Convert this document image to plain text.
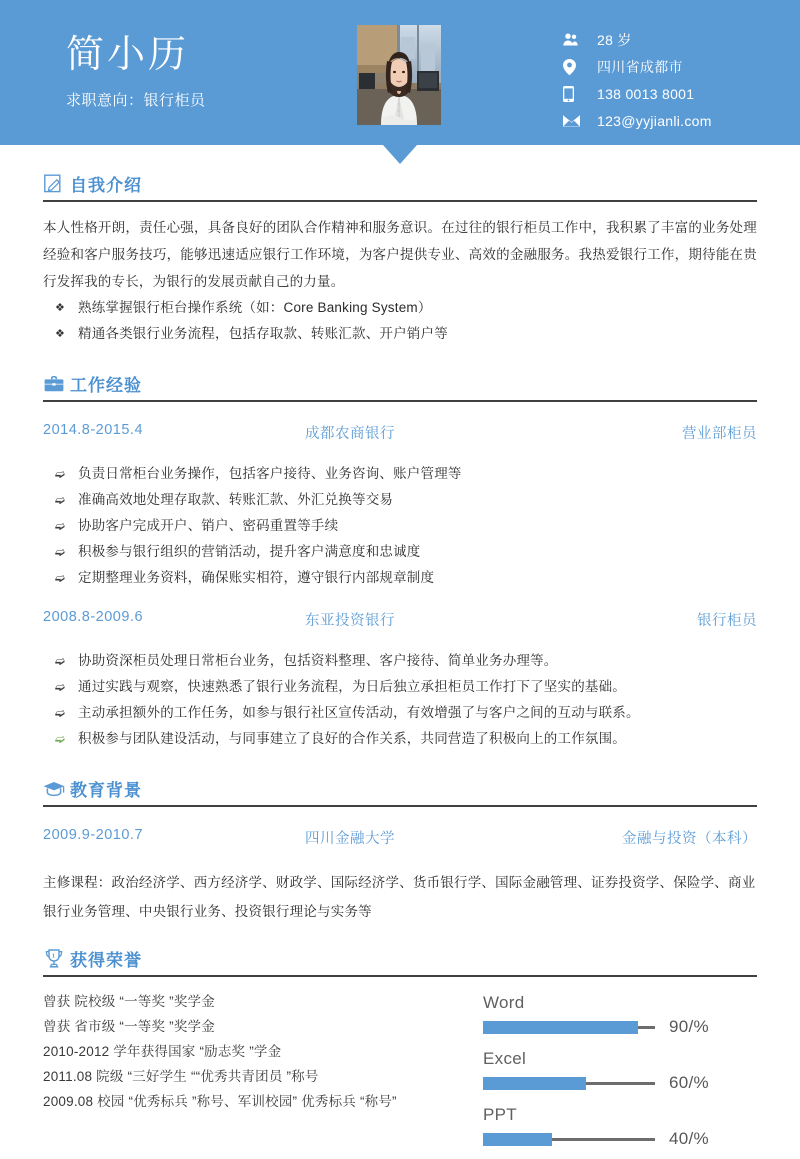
简小历
求职意向：银行柜员
28 岁
四川省成都市
138 0013 8001
123@yyjianli.com
自我介绍
本人性格开朗，责任心强，具备良好的团队合作精神和服务意识。在过往的银行柜员工作中，我积累了丰富的业务处理经验和客户服务技巧，能够迅速适应银行工作环境，为客户提供专业、高效的金融服务。我热爱银行工作，期待能在贵行发挥我的专长，为银行的发展贡献自己的力量。
❖ 熟练掌握银行柜台操作系统（如：Core Banking System）
❖ 精通各类银行业务流程，包括存取款、转账汇款、开户销户等
工作经验
2014.8-2015.4	成都农商银行	营业部柜员
➫ 负责日常柜台业务操作，包括客户接待、业务咨询、账户管理等
➫ 准确高效地处理存取款、转账汇款、外汇兑换等交易
➫ 协助客户完成开户、销户、密码重置等手续
➫ 积极参与银行组织的营销活动，提升客户满意度和忠诚度
➫ 定期整理业务资料，确保账实相符，遵守银行内部规章制度
2008.8-2009.6	东亚投资银行	银行柜员
➫ 协助资深柜员处理日常柜台业务，包括资料整理、客户接待、简单业务办理等。
➫ 通过实践与观察，快速熟悉了银行业务流程，为日后独立承担柜员工作打下了坚实的基础。
➫ 主动承担额外的工作任务，如参与银行社区宣传活动，有效增强了与客户之间的互动与联系。
➫ 积极参与团队建设活动，与同事建立了良好的合作关系，共同营造了积极向上的工作氛围。
教育背景
2009.9-2010.7	四川金融大学	金融与投资（本科）
主修课程：政治经济学、西方经济学、财政学、国际经济学、货币银行学、国际金融管理、证券投资学、保险学、商业银行业务管理、中央银行业务、投资银行理论与实务等
1 获得荣誉
曾获 院校级 “一等奖 ”奖学金
曾获 省市级 “一等奖 ”奖学金
2010-2012 学年获得国家 “励志奖 ”学金
2011.08 院级 “三好学生 ““优秀共青团员 ”称号
2009.08 校园 “优秀标兵 ”称号、军训校园” 优秀标兵 “称号”
Word
90/%
Excel
60/%
PPT
40/%
